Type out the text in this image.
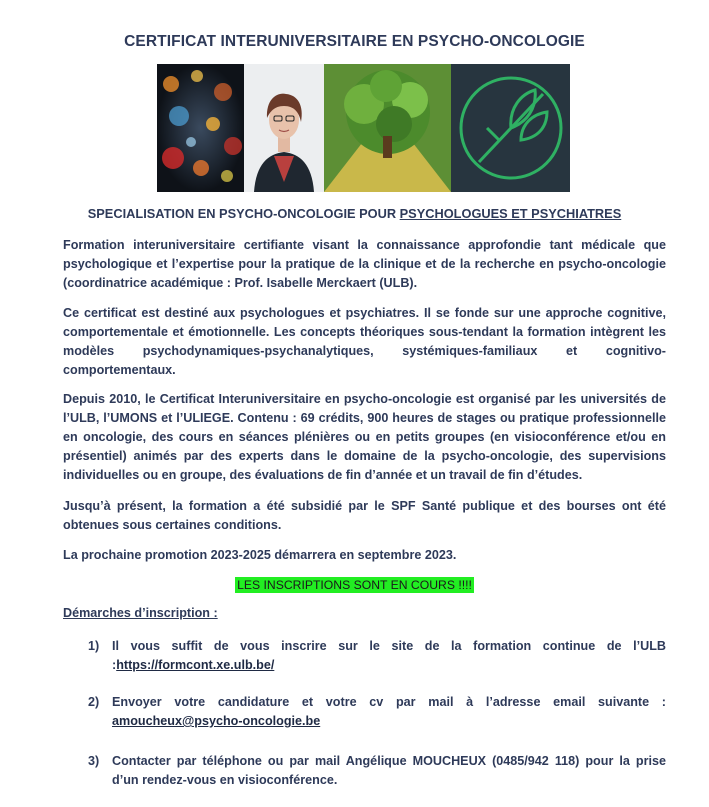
CERTIFICAT INTERUNIVERSITAIRE EN PSYCHO-ONCOLOGIE
SPECIALISATION EN PSYCHO-ONCOLOGIE POUR PSYCHOLOGUES ET PSYCHIATRES
Formation interuniversitaire certifiante visant la connaissance approfondie tant médicale que psychologique et l’expertise pour la pratique de la clinique et de la recherche en psycho-oncologie (coordinatrice académique : Prof. Isabelle Merckaert (ULB).
Ce certificat est destiné aux psychologues et psychiatres. Il se fonde sur une approche cognitive, comportementale et émotionnelle. Les concepts théoriques sous-tendant la formation intègrent les modèles psychodynamiques-psychanalytiques, systémiques-familiaux et cognitivo-comportementaux.
Depuis 2010, le Certificat Interuniversitaire en psycho-oncologie est organisé par les universités de l’ULB, l’UMONS et l’ULIEGE. Contenu : 69 crédits, 900 heures de stages ou pratique professionnelle en oncologie, des cours en séances plénières ou en petits groupes (en visioconférence et/ou en présentiel) animés par des experts dans le domaine de la psycho-oncologie, des supervisions individuelles ou en groupe, des évaluations de fin d’année et un travail de fin d’études.
Jusqu’à présent, la formation a été subsidié par le SPF Santé publique et des bourses ont été obtenues sous certaines conditions.
La prochaine promotion 2023-2025 démarrera en septembre 2023.
LES INSCRIPTIONS SONT EN COURS !!!!
Démarches d’inscription :
1) Il vous suffit de vous inscrire sur le site de la formation continue de l’ULB
:https://formcont.xe.ulb.be/
2) Envoyer votre candidature et votre cv par mail à l’adresse email suivante :
amoucheux@psycho-oncologie.be
3) Contacter par téléphone ou par mail Angélique MOUCHEUX (0485/942 118) pour la prise
d’un rendez-vous en visioconférence.
